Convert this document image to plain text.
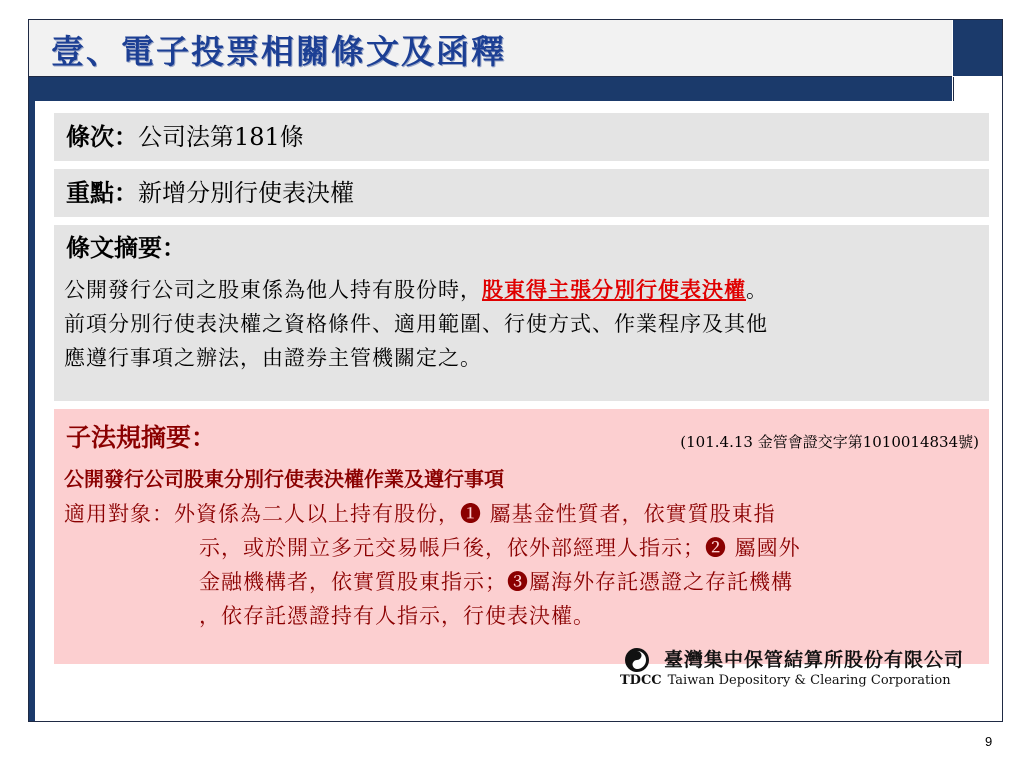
壹、電子投票相關條文及函釋
條次：公司法第181條
重點：新增分別行使表決權
條文摘要：
公開發行公司之股東係為他人持有股份時，股東得主張分別行使表決權。
前項分別行使表決權之資格條件、適用範圍、行使方式、作業程序及其他
應遵行事項之辦法，由證券主管機關定之。
子法規摘要：	(101.4.13 金管會證交字第1010014834號)
公開發行公司股東分別行使表決權作業及遵行事項
適用對象：外資係為二人以上持有股份，❶ 屬基金性質者，依實質股東指
示，或於開立多元交易帳戶後，依外部經理人指示；❷ 屬國外
金融機構者，依實質股東指示；❸屬海外存託憑證之存託機構
，依存託憑證持有人指示，行使表決權。
臺灣集中保管結算所股份有限公司
TDCC Taiwan Depository & Clearing Corporation
9
